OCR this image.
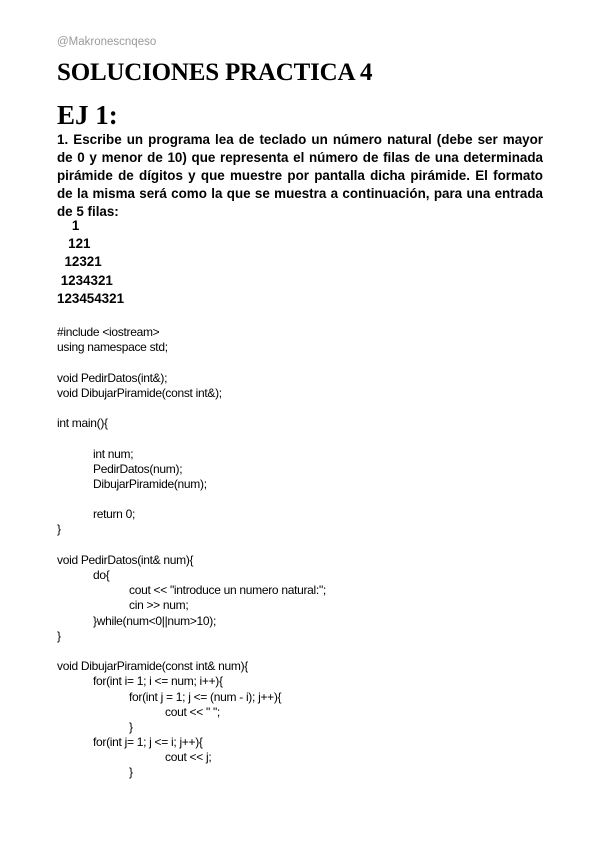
@Makronescnqeso
SOLUCIONES PRACTICA 4
EJ 1:

1. Escribe un programa lea de teclado un número natural (debe ser mayor de 0 y menor de 10) que representa el número de filas de una determinada pirámide de dígitos y que muestre por pantalla dicha pirámide. El formato de la misma será como la que se muestra a continuación, para una entrada de 5 filas:

1
121
12321
1234321
123454321
#include <iostream>
using namespace std;
void PedirDatos(int&);
void DibujarPiramide(const int&);
int main(){
int num;
PedirDatos(num);
DibujarPiramide(num);
return 0;
}
void PedirDatos(int& num){
do{
cout << "introduce un numero natural:";
cin >> num;
}while(num<0||num>10);
}
void DibujarPiramide(const int& num){
for(int i= 1; i <= num; i++){
for(int j = 1; j <= (num - i); j++){
cout << " ";
}
for(int j= 1; j <= i; j++){
cout << j;
}
